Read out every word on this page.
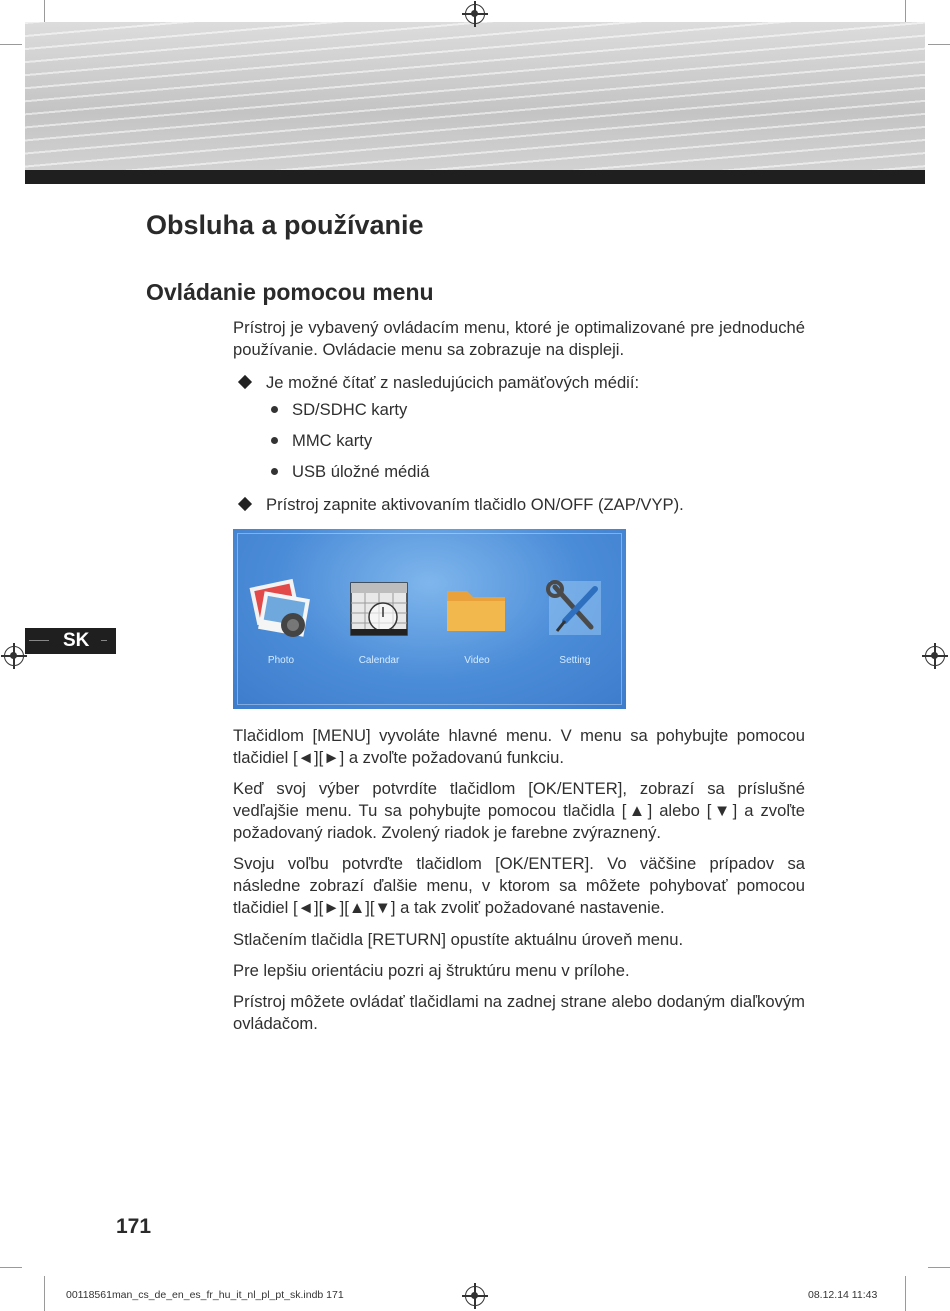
Obsluha a používanie
Ovládanie pomocou menu

Prístroj je vybavený ovládacím menu, ktoré je optimalizované pre jednoduché používanie. Ovládacie menu sa zobrazuje na displeji.

Je možné čítať z nasledujúcich pamäťových médií:
SD/SDHC karty
MMC karty
USB úložné médiá
Prístroj zapnite aktivovaním tlačidlo ON/OFF (ZAP/VYP).
Photo	Calendar	Video	Setting
SK

Tlačidlom [MENU] vyvoláte hlavné menu. V menu sa pohybujte pomocou tlačidiel [◄][►] a zvoľte požadovanú funkciu.

Keď svoj výber potvrdíte tlačidlom [OK/ENTER], zobrazí sa príslušné vedľajšie menu. Tu sa pohybujte pomocou tlačidla [▲] alebo [▼] a zvoľte požadovaný riadok. Zvolený riadok je farebne zvýraznený.

Svoju voľbu potvrďte tlačidlom [OK/ENTER]. Vo väčšine prípadov sa následne zobrazí ďalšie menu, v ktorom sa môžete pohybovať pomocou tlačidiel [◄][►][▲][▼] a tak zvoliť požadované nastavenie.

Stlačením tlačidla [RETURN] opustíte aktuálnu úroveň menu.

Pre lepšiu orientáciu pozri aj štruktúru menu v prílohe.

Prístroj môžete ovládať tlačidlami na zadnej strane alebo dodaným diaľkovým ovládačom.

171
00118561man_cs_de_en_es_fr_hu_it_nl_pl_pt_sk.indb 171	08.12.14 11:43
